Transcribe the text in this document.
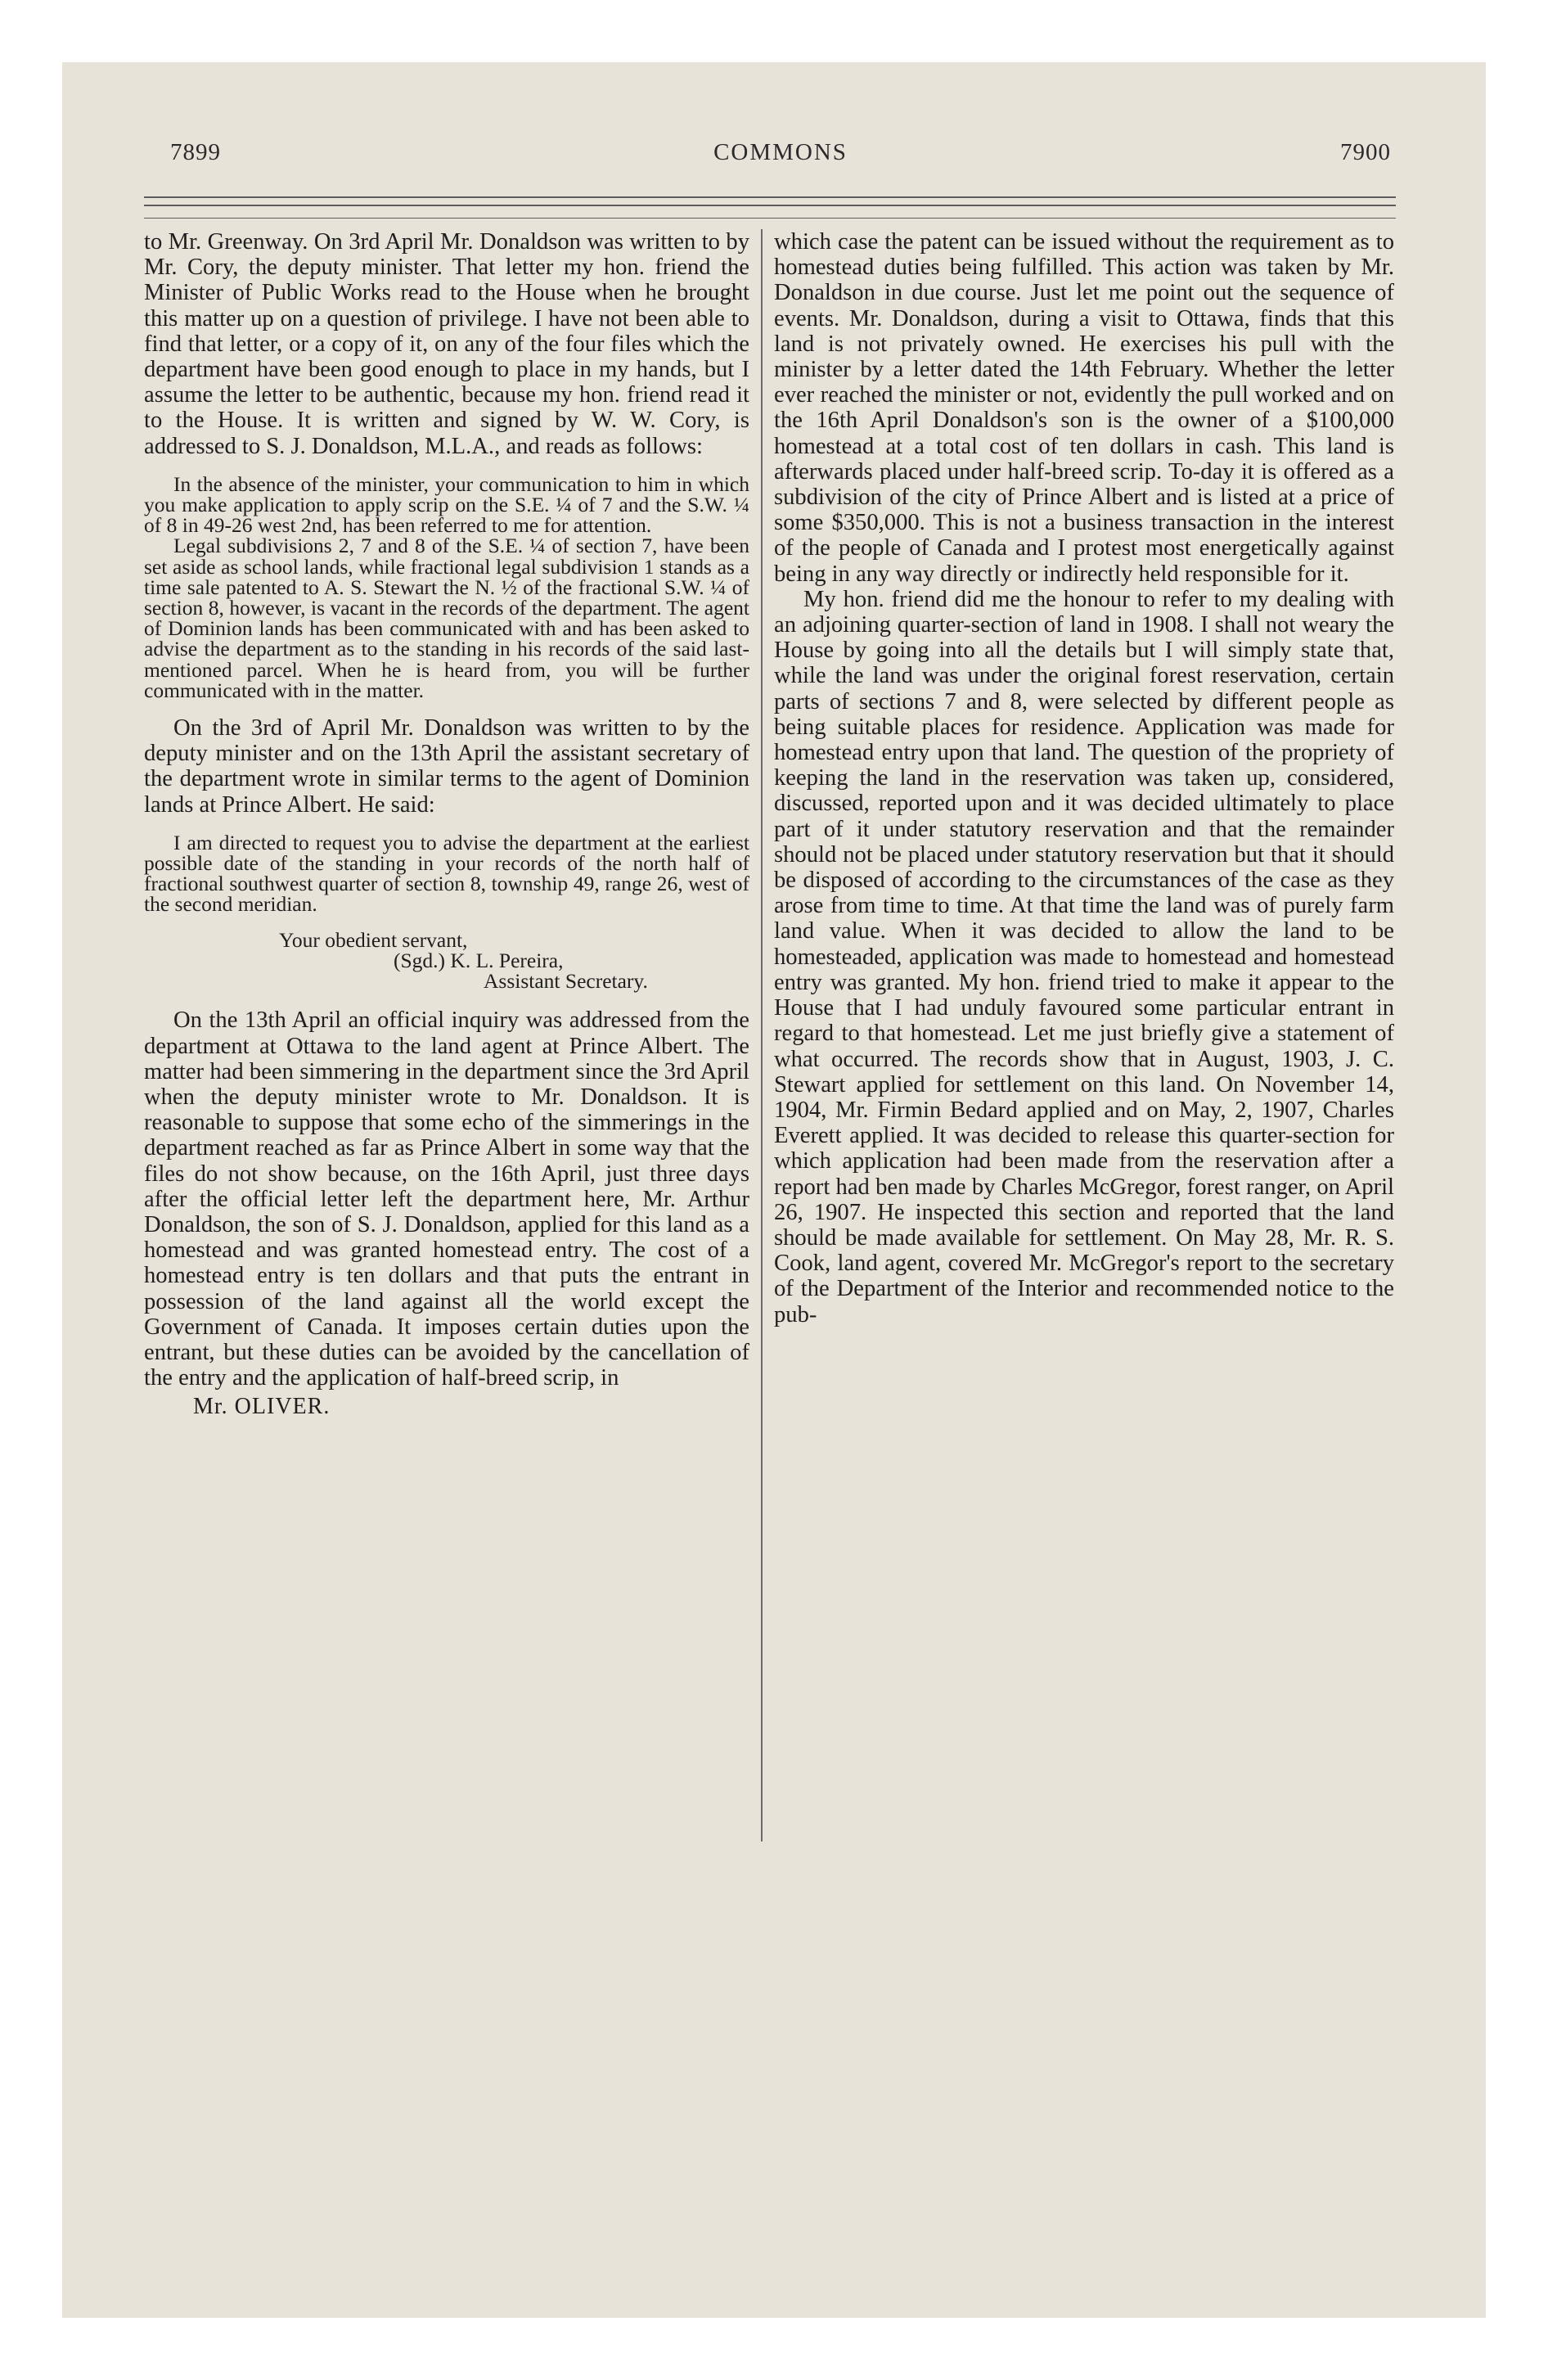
7899	COMMONS	7900

to Mr. Greenway. On 3rd April Mr. Donaldson was written to by Mr. Cory, the deputy minister. That letter my hon. friend the Minister of Public Works read to the House when he brought this matter up on a question of privilege. I have not been able to find that letter, or a copy of it, on any of the four files which the department have been good enough to place in my hands, but I assume the letter to be authentic, because my hon. friend read it to the House. It is written and signed by W. W. Cory, is addressed to S. J. Donaldson, M.L.A., and reads as follows:

In the absence of the minister, your communication to him in which you make application to apply scrip on the S.E. ¼ of 7 and the S.W. ¼ of 8 in 49-26 west 2nd, has been referred to me for attention.

Legal subdivisions 2, 7 and 8 of the S.E. ¼ of section 7, have been set aside as school lands, while fractional legal subdivision 1 stands as a time sale patented to A. S. Stewart the N. ½ of the fractional S.W. ¼ of section 8, however, is vacant in the records of the department. The agent of Dominion lands has been communicated with and has been asked to advise the department as to the standing in his records of the said last-mentioned parcel. When he is heard from, you will be further communicated with in the matter.

On the 3rd of April Mr. Donaldson was written to by the deputy minister and on the 13th April the assistant secretary of the department wrote in similar terms to the agent of Dominion lands at Prince Albert. He said:

I am directed to request you to advise the department at the earliest possible date of the standing in your records of the north half of fractional southwest quarter of section 8, township 49, range 26, west of the second meridian.

Your obedient servant,
(Sgd.) K. L. Pereira,
Assistant Secretary.

On the 13th April an official inquiry was addressed from the department at Ottawa to the land agent at Prince Albert. The matter had been simmering in the department since the 3rd April when the deputy minister wrote to Mr. Donaldson. It is reasonable to suppose that some echo of the simmerings in the department reached as far as Prince Albert in some way that the files do not show because, on the 16th April, just three days after the official letter left the department here, Mr. Arthur Donaldson, the son of S. J. Donaldson, applied for this land as a homestead and was granted homestead entry. The cost of a homestead entry is ten dollars and that puts the entrant in possession of the land against all the world except the Government of Canada. It imposes certain duties upon the entrant, but these duties can be avoided by the cancellation of the entry and the application of half-breed scrip, in

Mr. OLIVER.

which case the patent can be issued without the requirement as to homestead duties being fulfilled. This action was taken by Mr. Donaldson in due course. Just let me point out the sequence of events. Mr. Donaldson, during a visit to Ottawa, finds that this land is not privately owned. He exercises his pull with the minister by a letter dated the 14th February. Whether the letter ever reached the minister or not, evidently the pull worked and on the 16th April Donaldson's son is the owner of a $100,000 homestead at a total cost of ten dollars in cash. This land is afterwards placed under half-breed scrip. To-day it is offered as a subdivision of the city of Prince Albert and is listed at a price of some $350,000. This is not a business transaction in the interest of the people of Canada and I protest most energetically against being in any way directly or indirectly held responsible for it.

My hon. friend did me the honour to refer to my dealing with an adjoining quarter-section of land in 1908. I shall not weary the House by going into all the details but I will simply state that, while the land was under the original forest reservation, certain parts of sections 7 and 8, were selected by different people as being suitable places for residence. Application was made for homestead entry upon that land. The question of the propriety of keeping the land in the reservation was taken up, considered, discussed, reported upon and it was decided ultimately to place part of it under statutory reservation and that the remainder should not be placed under statutory reservation but that it should be disposed of according to the circumstances of the case as they arose from time to time. At that time the land was of purely farm land value. When it was decided to allow the land to be homesteaded, application was made to homestead and homestead entry was granted. My hon. friend tried to make it appear to the House that I had unduly favoured some particular entrant in regard to that homestead. Let me just briefly give a statement of what occurred. The records show that in August, 1903, J. C. Stewart applied for settlement on this land. On November 14, 1904, Mr. Firmin Bedard applied and on May, 2, 1907, Charles Everett applied. It was decided to release this quarter-section for which application had been made from the reservation after a report had ben made by Charles McGregor, forest ranger, on April 26, 1907. He inspected this section and reported that the land should be made available for settlement. On May 28, Mr. R. S. Cook, land agent, covered Mr. McGregor's report to the secretary of the Department of the Interior and recommended notice to the pub-
